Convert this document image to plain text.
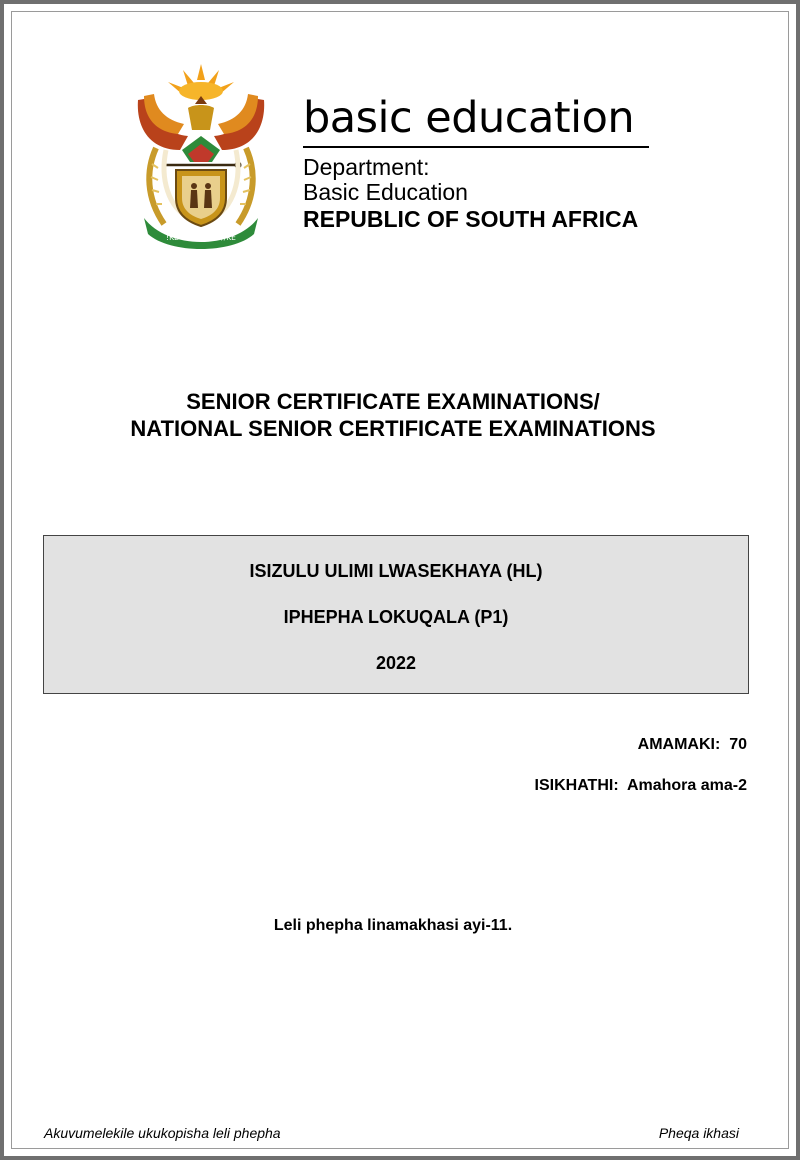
!KE E: /XARRA //KE
basic education
Department:
Basic Education
REPUBLIC OF SOUTH AFRICA
SENIOR CERTIFICATE EXAMINATIONS/
NATIONAL SENIOR CERTIFICATE EXAMINATIONS
ISIZULU ULIMI LWASEKHAYA (HL)
IPHEPHA LOKUQALA (P1)
2022
AMAMAKI:  70
ISIKHATHI:  Amahora ama-2
Leli phepha linamakhasi ayi-11.
Akuvumelekile ukukopisha leli phepha	Pheqa ikhasi
